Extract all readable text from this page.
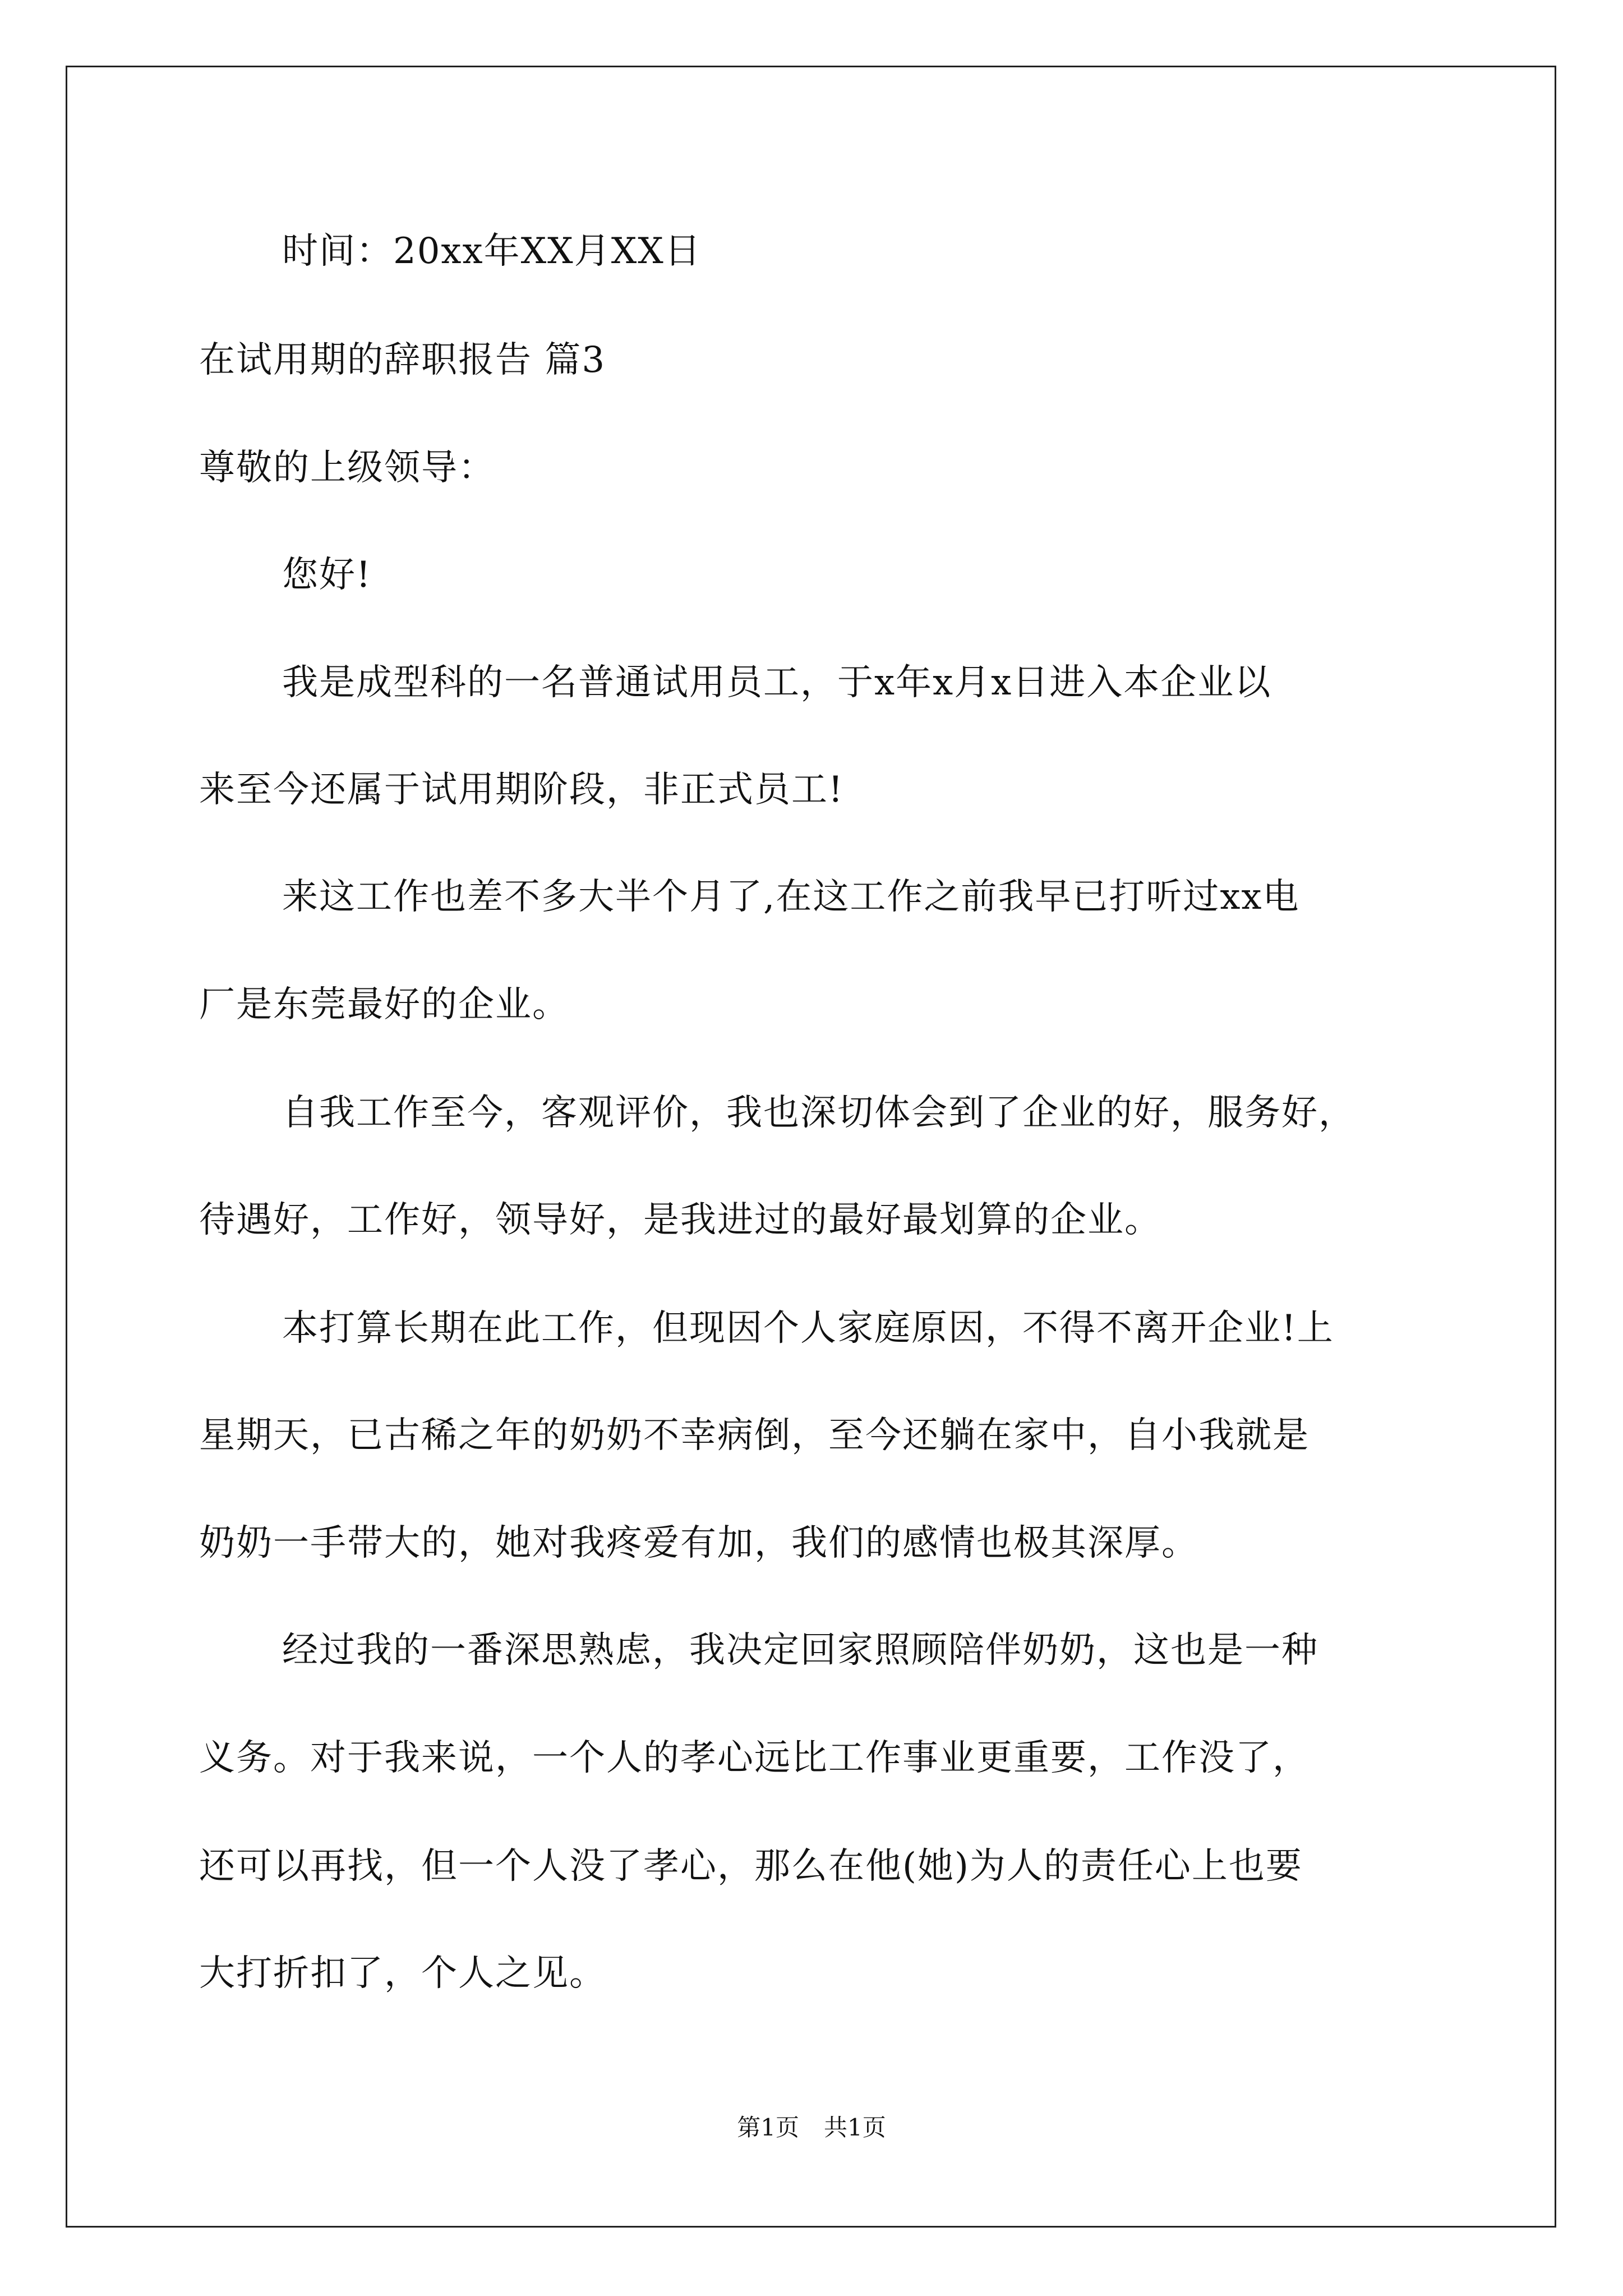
时间：20xx年XX月XX日
在试用期的辞职报告 篇3
尊敬的上级领导：
您好!
我是成型科的一名普通试用员工，于x年x月x日进入本企业以
来至今还属于试用期阶段，非正式员工!
来这工作也差不多大半个月了,在这工作之前我早已打听过xx电
厂是东莞最好的企业。
自我工作至今，客观评价，我也深切体会到了企业的好，服务好，
待遇好，工作好，领导好，是我进过的最好最划算的企业。
本打算长期在此工作，但现因个人家庭原因，不得不离开企业!上
星期天，已古稀之年的奶奶不幸病倒，至今还躺在家中，自小我就是
奶奶一手带大的，她对我疼爱有加，我们的感情也极其深厚。
经过我的一番深思熟虑，我决定回家照顾陪伴奶奶，这也是一种
义务。对于我来说，一个人的孝心远比工作事业更重要，工作没了，
还可以再找，但一个人没了孝心，那么在他(她)为人的责任心上也要
大打折扣了，个人之见。
第1页 共1页
